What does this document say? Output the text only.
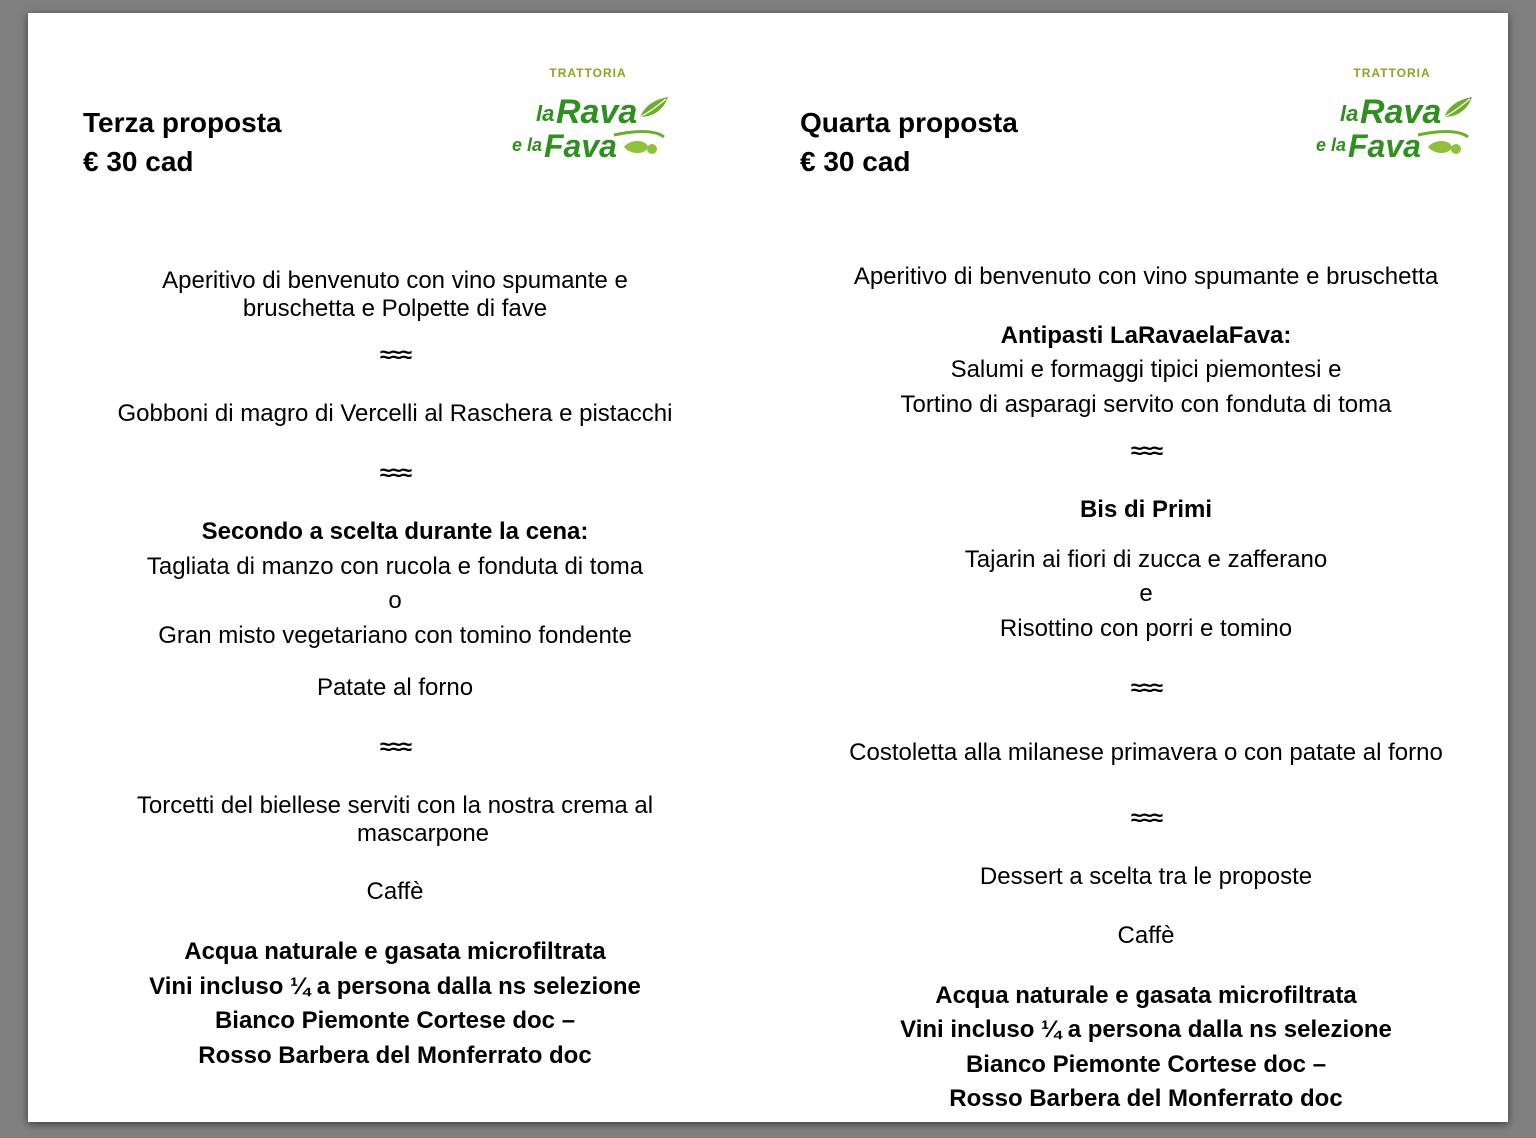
Terza proposta
€ 30 cad
TRATTORIA
la Rava
e la Fava
Aperitivo di benvenuto con vino spumante e
bruschetta e Polpette di fave
≈≈≈
Gobboni di magro di Vercelli al Raschera e pistacchi
≈≈≈
Secondo a scelta durante la cena:
Tagliata di manzo con rucola e fonduta di toma
o
Gran misto vegetariano con tomino fondente
Patate al forno
≈≈≈
Torcetti del biellese serviti con la nostra crema al
mascarpone
Caffè
Acqua naturale e gasata microfiltrata
Vini incluso ¼ a persona dalla ns selezione
Bianco Piemonte Cortese doc –
Rosso Barbera del Monferrato doc
Quarta proposta
€ 30 cad
TRATTORIA
la Rava
e la Fava
Aperitivo di benvenuto con vino spumante e bruschetta
Antipasti LaRavaelaFava:
Salumi e formaggi tipici piemontesi e
Tortino di asparagi servito con fonduta di toma
≈≈≈
Bis di Primi
Tajarin ai fiori di zucca e zafferano
e
Risottino con porri e tomino
≈≈≈
Costoletta alla milanese primavera o con patate al forno
≈≈≈
Dessert a scelta tra le proposte
Caffè
Acqua naturale e gasata microfiltrata
Vini incluso ¼ a persona dalla ns selezione
Bianco Piemonte Cortese doc –
Rosso Barbera del Monferrato doc
